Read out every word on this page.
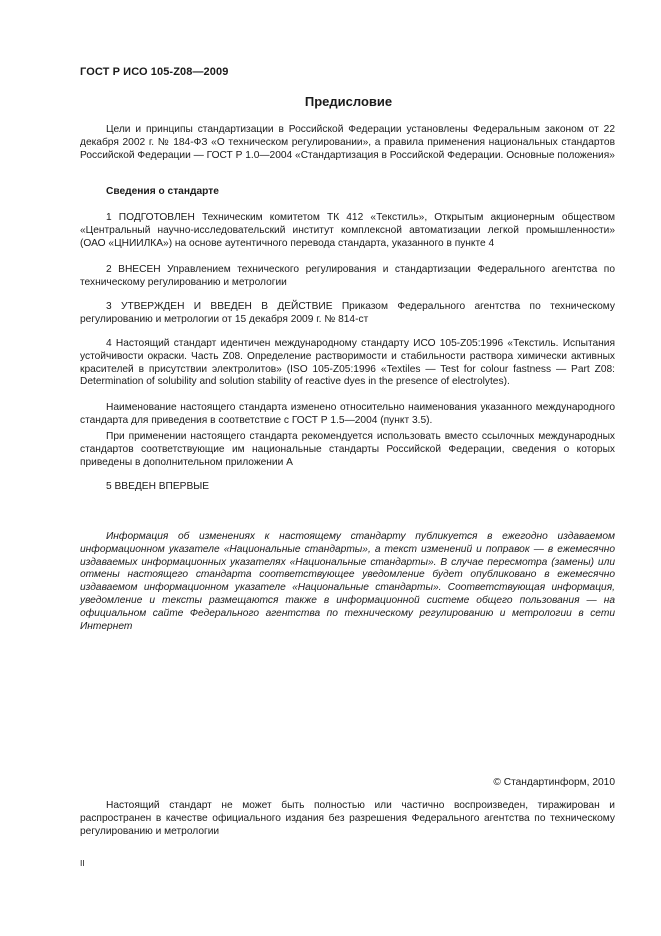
ГОСТ Р ИСО 105-Z08—2009
Предисловие
Цели и принципы стандартизации в Российской Федерации установлены Федеральным законом от 22 декабря 2002 г. № 184-ФЗ «О техническом регулировании», а правила применения национальных стандартов Российской Федерации — ГОСТ Р 1.0—2004 «Стандартизация в Российской Федерации. Основные положения»
Сведения о стандарте
1 ПОДГОТОВЛЕН Техническим комитетом ТК 412 «Текстиль», Открытым акционерным обществом «Центральный научно-исследовательский институт комплексной автоматизации легкой промышленности» (ОАО «ЦНИИЛКА») на основе аутентичного перевода стандарта, указанного в пункте 4
2 ВНЕСЕН Управлением технического регулирования и стандартизации Федерального агентства по техническому регулированию и метрологии
3 УТВЕРЖДЕН И ВВЕДЕН В ДЕЙСТВИЕ Приказом Федерального агентства по техническому регулированию и метрологии от 15 декабря 2009 г. № 814-ст
4 Настоящий стандарт идентичен международному стандарту ИСО 105-Z05:1996 «Текстиль. Испытания устойчивости окраски. Часть Z08. Определение растворимости и стабильности раствора химически активных красителей в присутствии электролитов» (ISO 105-Z05:1996 «Textiles — Test for colour fastness — Part Z08: Determination of solubility and solution stability of reactive dyes in the presence of electrolytes).
Наименование настоящего стандарта изменено относительно наименования указанного международного стандарта для приведения в соответствие с ГОСТ Р 1.5—2004 (пункт 3.5).
При применении настоящего стандарта рекомендуется использовать вместо ссылочных международных стандартов соответствующие им национальные стандарты Российской Федерации, сведения о которых приведены в дополнительном приложении А
5 ВВЕДЕН ВПЕРВЫЕ
Информация об изменениях к настоящему стандарту публикуется в ежегодно издаваемом информационном указателе «Национальные стандарты», а текст изменений и поправок — в ежемесячно издаваемых информационных указателях «Национальные стандарты». В случае пересмотра (замены) или отмены настоящего стандарта соответствующее уведомление будет опубликовано в ежемесячно издаваемом информационном указателе «Национальные стандарты». Соответствующая информация, уведомление и тексты размещаются также в информационной системе общего пользования — на официальном сайте Федерального агентства по техническому регулированию и метрологии в сети Интернет
© Стандартинформ, 2010
Настоящий стандарт не может быть полностью или частично воспроизведен, тиражирован и распространен в качестве официального издания без разрешения Федерального агентства по техническому регулированию и метрологии
II
